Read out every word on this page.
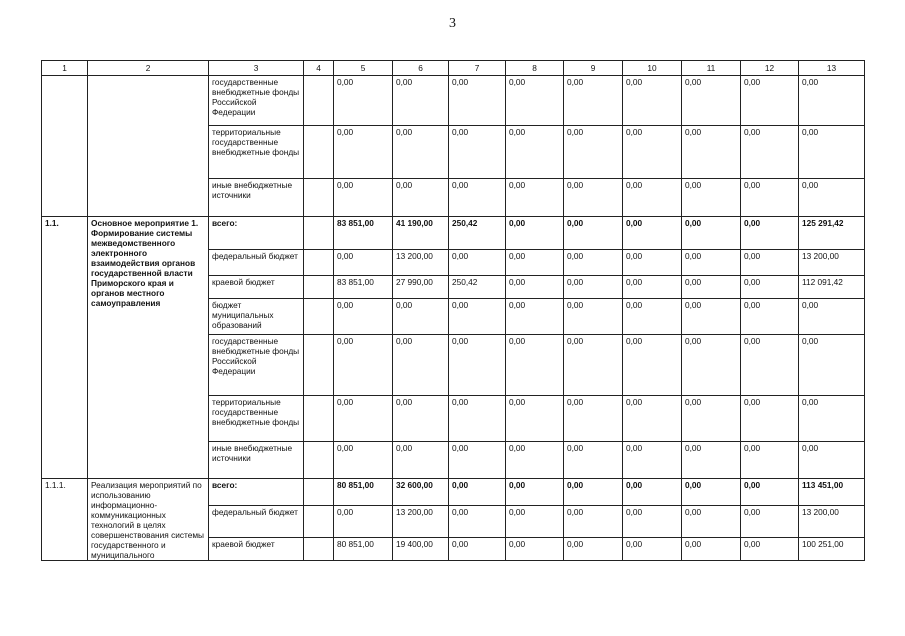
3
1	2	3	4	5	6	7	8	9	10	11	12	13
		государственные внебюджетные фонды Российской Федерации		0,00	0,00	0,00	0,00	0,00	0,00	0,00	0,00	0,00
		территориальные государственные внебюджетные фонды		0,00	0,00	0,00	0,00	0,00	0,00	0,00	0,00	0,00
		иные внебюджетные источники		0,00	0,00	0,00	0,00	0,00	0,00	0,00	0,00	0,00
1.1.	Основное мероприятие 1. Формирование системы межведомственного электронного взаимодействия органов государственной власти Приморского края и органов местного самоуправления	всего:		83 851,00	41 190,00	250,42	0,00	0,00	0,00	0,00	0,00	125 291,42
		федеральный бюджет		0,00	13 200,00	0,00	0,00	0,00	0,00	0,00	0,00	13 200,00
		краевой бюджет		83 851,00	27 990,00	250,42	0,00	0,00	0,00	0,00	0,00	112 091,42
		бюджет муниципальных образований		0,00	0,00	0,00	0,00	0,00	0,00	0,00	0,00	0,00
		государственные внебюджетные фонды Российской Федерации		0,00	0,00	0,00	0,00	0,00	0,00	0,00	0,00	0,00
		территориальные государственные внебюджетные фонды		0,00	0,00	0,00	0,00	0,00	0,00	0,00	0,00	0,00
		иные внебюджетные источники		0,00	0,00	0,00	0,00	0,00	0,00	0,00	0,00	0,00
1.1.1.	Реализация мероприятий по использованию информационно-коммуникационных технологий в целях совершенствования системы государственного и муниципального	всего:		80 851,00	32 600,00	0,00	0,00	0,00	0,00	0,00	0,00	113 451,00
		федеральный бюджет		0,00	13 200,00	0,00	0,00	0,00	0,00	0,00	0,00	13 200,00
		краевой бюджет		80 851,00	19 400,00	0,00	0,00	0,00	0,00	0,00	0,00	100 251,00
